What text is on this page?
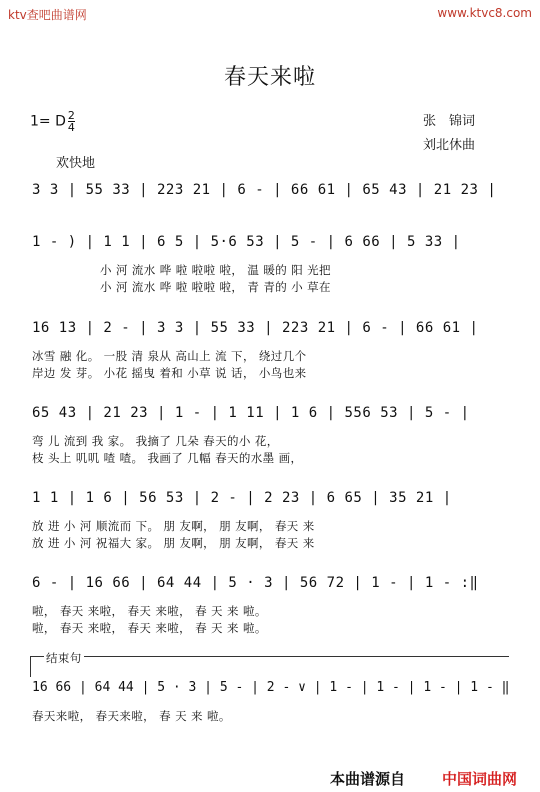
ktv查吧曲谱网	www.ktvc8.com
春天来啦
1= D $\frac{2}{4}$	张　锦词
刘北休曲
欢快地
3 3 | 55 33 | 223 21 | 6 - | 66 61 | 65 43 | 21 23 |
1 - ) | 1 1 | 6 5 | 5·6 53 | 5 - | 6 66 | 5 33 |
小 河 流水 哗 啦 啦啦 啦， 温 暖的 阳 光把
小 河 流水 哗 啦 啦啦 啦， 青 青的 小 草在
16 13 | 2 - | 3 3 | 55 33 | 223 21 | 6 - | 66 61 |
冰雪 融 化。 一股 清 泉从 高山上 流 下， 绕过几个
岸边 发 芽。 小花 摇曳 着和 小草 说 话， 小鸟也来
65 43 | 21 23 | 1 - | 1 11 | 1 6 | 556 53 | 5 - |
弯 儿 流到 我 家。 我摘了 几朵 春天的小 花，
枝 头上 叽叽 喳 喳。 我画了 几幅 春天的水墨 画，
1 1 | 1 6 | 56 53 | 2 - | 2 23 | 6 65 | 35 21 |
放 进 小 河 顺流而 下。 朋 友啊， 朋 友啊， 春天 来
放 进 小 河 祝福大 家。 朋 友啊， 朋 友啊， 春天 来
6 - | 16 66 | 64 44 | 5 · 3 | 56 72 | 1 - | 1 - :‖
啦， 春天 来啦， 春天 来啦， 春 天 来 啦。
啦， 春天 来啦， 春天 来啦， 春 天 来 啦。
结束句
16 66 | 64 44 | 5 · 3 | 5 - | 2 - ∨ | 1 - | 1 - | 1 - | 1 - ‖
春天来啦， 春天来啦， 春 天 来 啦。
本曲谱源自 中国词曲网
